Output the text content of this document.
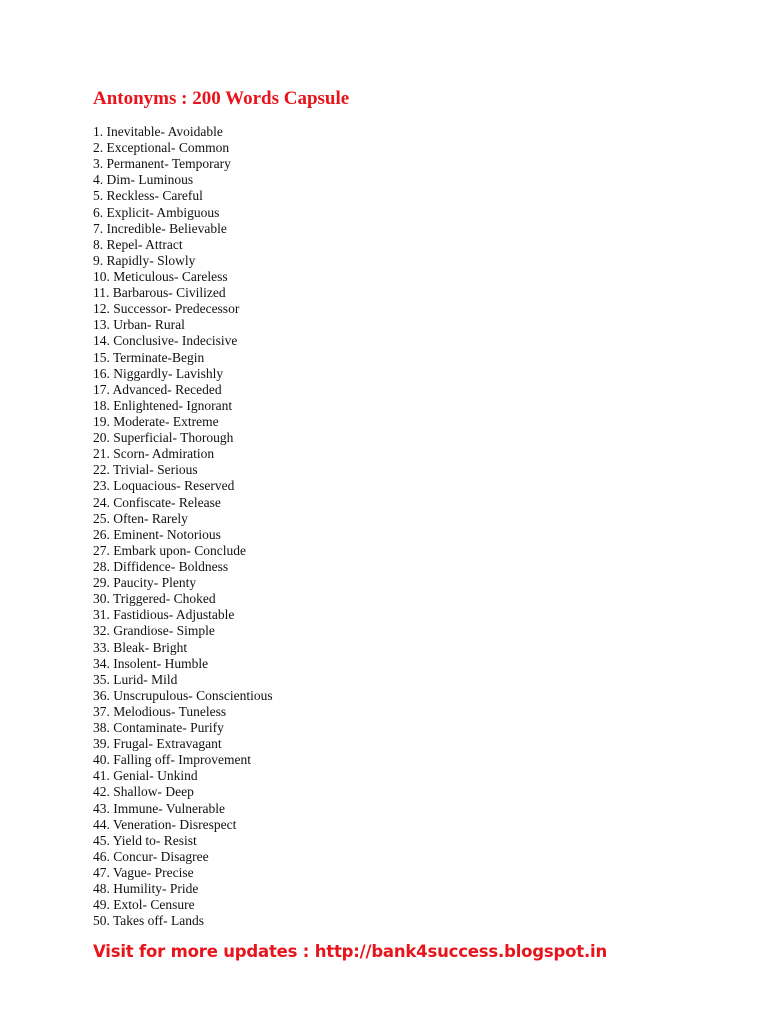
Antonyms : 200 Words Capsule
1. Inevitable- Avoidable
2. Exceptional- Common
3. Permanent- Temporary
4. Dim- Luminous
5. Reckless- Careful
6. Explicit- Ambiguous
7. Incredible- Believable
8. Repel- Attract
9. Rapidly- Slowly
10. Meticulous- Careless
11. Barbarous- Civilized
12. Successor- Predecessor
13. Urban- Rural
14. Conclusive- Indecisive
15. Terminate-Begin
16. Niggardly- Lavishly
17. Advanced- Receded
18. Enlightened- Ignorant
19. Moderate- Extreme
20. Superficial- Thorough
21. Scorn- Admiration
22. Trivial- Serious
23. Loquacious- Reserved
24. Confiscate- Release
25. Often- Rarely
26. Eminent- Notorious
27. Embark upon- Conclude
28. Diffidence- Boldness
29. Paucity- Plenty
30. Triggered- Choked
31. Fastidious- Adjustable
32. Grandiose- Simple
33. Bleak- Bright
34. Insolent- Humble
35. Lurid- Mild
36. Unscrupulous- Conscientious
37. Melodious- Tuneless
38. Contaminate- Purify
39. Frugal- Extravagant
40. Falling off- Improvement
41. Genial- Unkind
42. Shallow- Deep
43. Immune- Vulnerable
44. Veneration- Disrespect
45. Yield to- Resist
46. Concur- Disagree
47. Vague- Precise
48. Humility- Pride
49. Extol- Censure
50. Takes off- Lands

Visit for more updates : http://bank4success.blogspot.in
